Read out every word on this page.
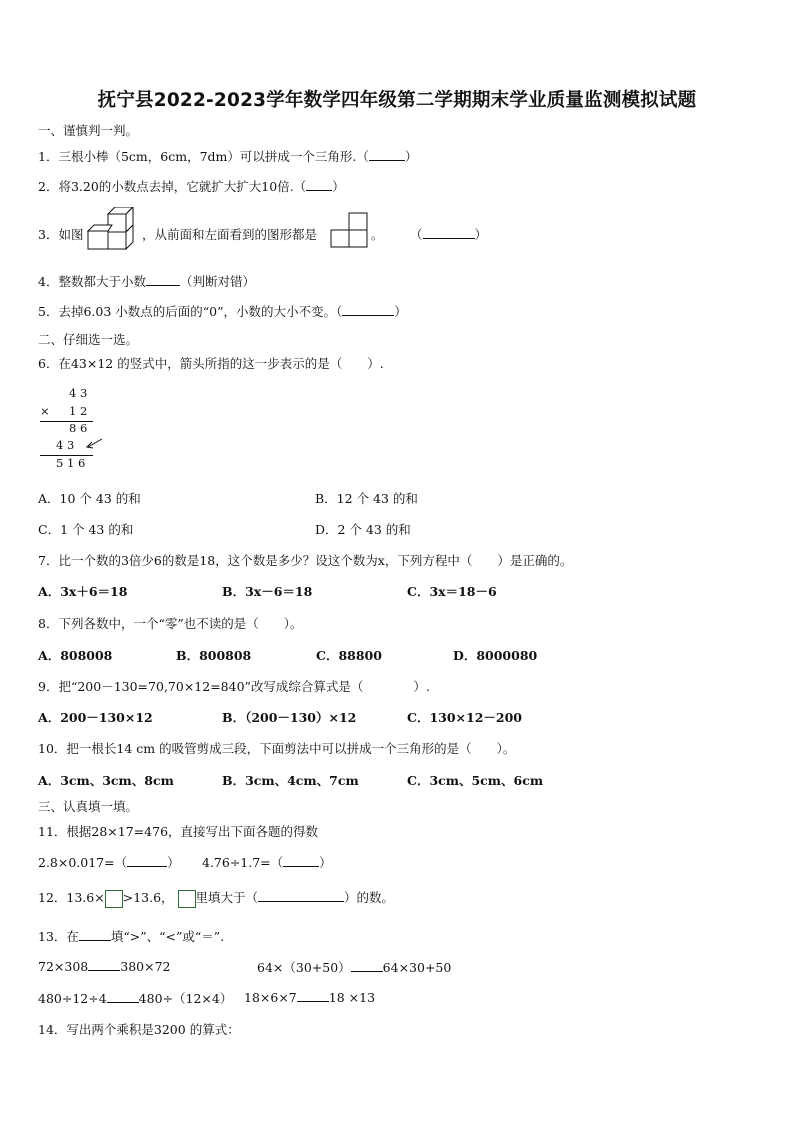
抚宁县2022-2023学年数学四年级第二学期期末学业质量监测模拟试题
一、谨慎判一判。
1．三根小棒（5cm，6cm，7dm）可以拼成一个三角形.（	）
2．将3.20的小数点去掉，它就扩大扩大10倍.（ ）
3．如图	，从前面和左面看到的图形都是	。 （	）
4．整数都大于小数	（判断对错）
5．去掉6.03 小数点的后面的“0”，小数的大小不变。（	）
二、仔细选一选。
6．在43×12 的竖式中，箭头所指的这一步表示的是（　　）.
4 3
× 1 2
8 6
4 3
5 1 6
A．10 个 43 的和	B．12 个 43 的和
C．1 个 43 的和	D．2 个 43 的和
7．比一个数的3倍少6的数是18，这个数是多少？设这个数为x，下列方程中（　　）是正确的。
A．3x＋6＝18	B．3x－6＝18	C．3x＝18－6
8．下列各数中，一个“零”也不读的是（　　）。
A．808008	B．800808	C．88800	D．8000080
9．把“200－130=70,70×12=840”改写成综合算式是（　　　　）.
A．200－130×12	B．（200－130）×12	C．130×12－200
10．把一根长14 cm 的吸管剪成三段，下面剪法中可以拼成一个三角形的是（　　）。
A．3cm、3cm、8cm	B．3cm、4cm、7cm	C．3cm、5cm、6cm
三、认真填一填。
11．根据28×17=476，直接写出下面各题的得数
2.8×0.017=（	） 4.76÷1.7=（	）
12．13.6× >13.6， 里填大于（	）的数。
13．在	填“>”、“<”或“＝”.
72×308	380×72	64×（30+50）	64×30+50
480÷12÷4	480÷（12×4） 18×6×7	18 ×13
14．写出两个乘积是3200 的算式：
